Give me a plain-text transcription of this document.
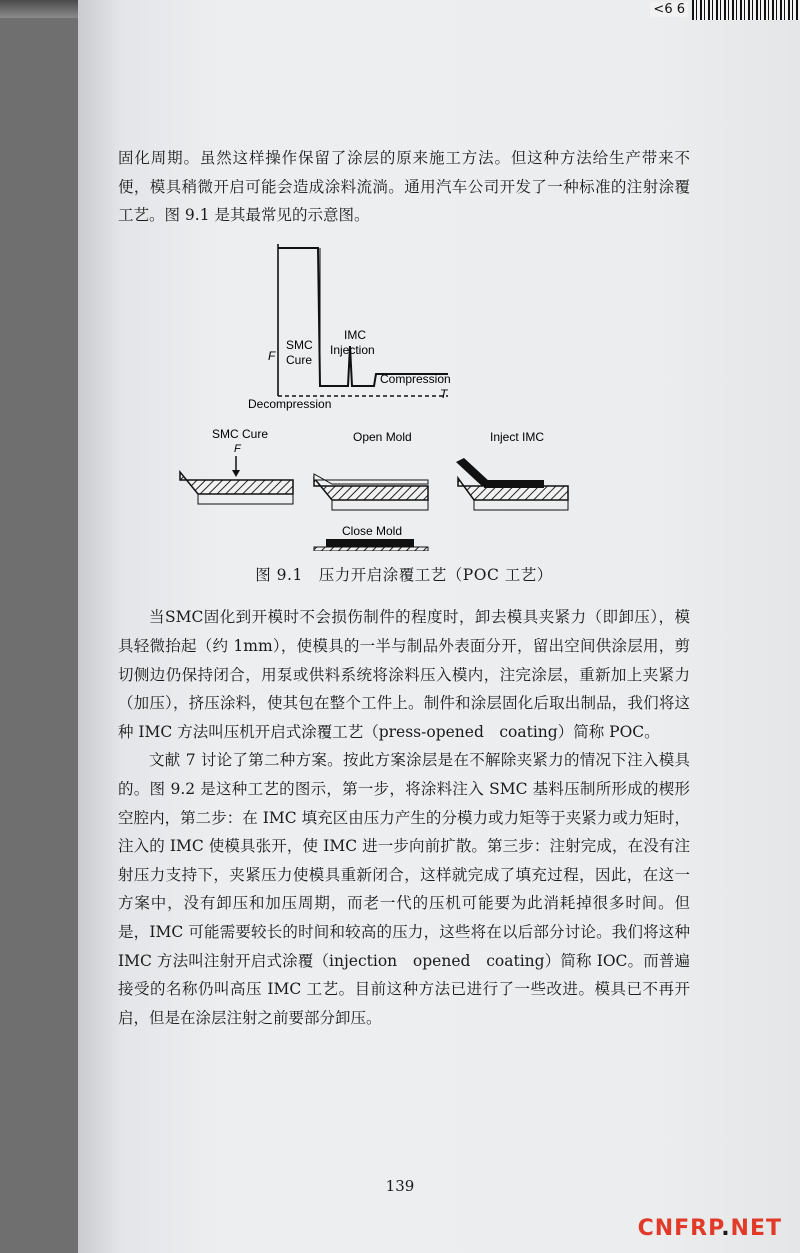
<6 6

固化周期。虽然这样操作保留了涂层的原来施工方法。但这种方法给生产带来不便，模具稍微开启可能会造成涂料流淌。通用汽车公司开发了一种标准的注射涂覆工艺。图 9.1 是其最常见的示意图。

F
T
SMC
Cure
IMC
Injection
Compression
Decompression
SMC Cure
F
Open Mold	Inject IMC
Close Mold
图 9.1　压力开启涂覆工艺（POC 工艺）

当SMC固化到开模时不会损伤制件的程度时，卸去模具夹紧力（即卸压），模具轻微抬起（约 1mm），使模具的一半与制品外表面分开，留出空间供涂层用，剪切侧边仍保持闭合，用泵或供料系统将涂料压入模内，注完涂层，重新加上夹紧力（加压），挤压涂料，使其包在整个工件上。制件和涂层固化后取出制品，我们将这种 IMC 方法叫压机开启式涂覆工艺（press-opened　coating）简称 POC。

文献 7 讨论了第二种方案。按此方案涂层是在不解除夹紧力的情况下注入模具的。图 9.2 是这种工艺的图示，第一步，将涂料注入 SMC 基料压制所形成的楔形空腔内，第二步：在 IMC 填充区由压力产生的分模力或力矩等于夹紧力或力矩时，注入的 IMC 使模具张开，使 IMC 进一步向前扩散。第三步：注射完成，在没有注射压力支持下，夹紧压力使模具重新闭合，这样就完成了填充过程，因此，在这一方案中，没有卸压和加压周期，而老一代的压机可能要为此消耗掉很多时间。但是，IMC 可能需要较长的时间和较高的压力，这些将在以后部分讨论。我们将这种 IMC 方法叫注射开启式涂覆（injection　opened　coating）简称 IOC。而普遍接受的名称仍叫高压 IMC 工艺。目前这种方法已进行了一些改进。模具已不再开启，但是在涂层注射之前要部分卸压。

139
CNFRP.NET
